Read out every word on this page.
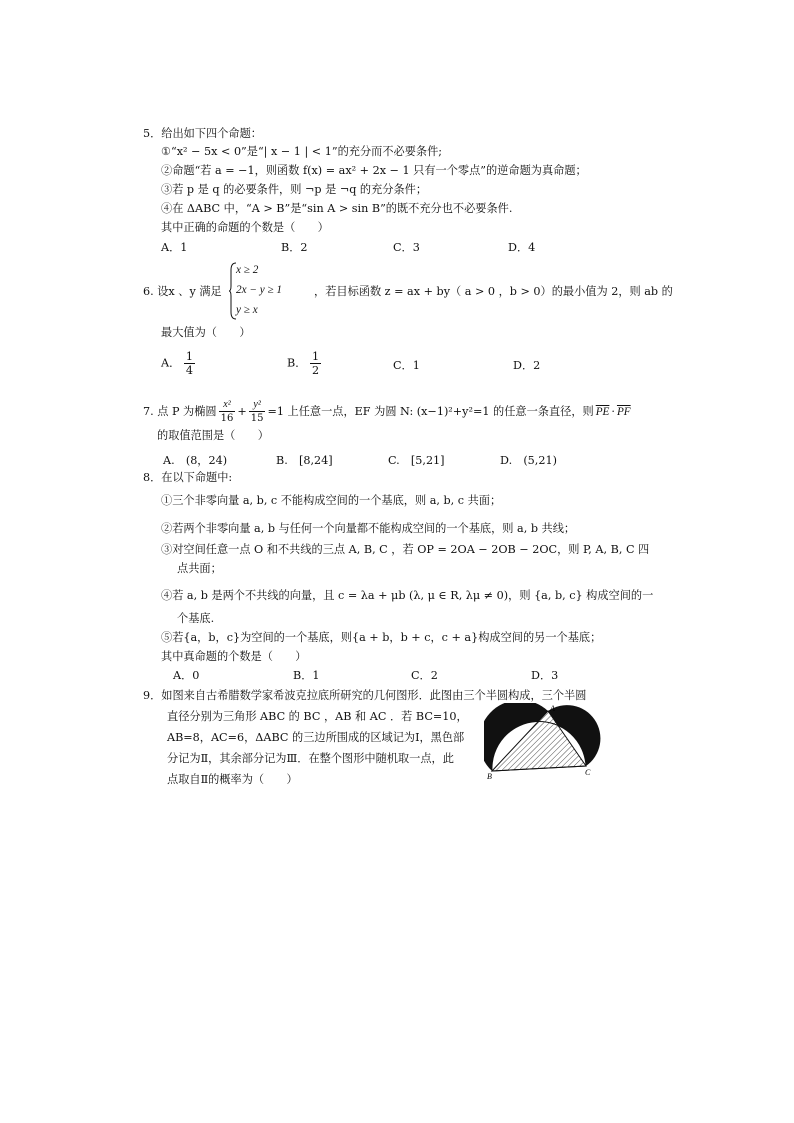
5．给出如下四个命题：
①“x² − 5x < 0”是“| x − 1 | < 1”的充分而不必要条件;
②命题“若 a = −1，则函数 f(x) = ax² + 2x − 1 只有一个零点”的逆命题为真命题；
③若 p 是 q 的必要条件，则 ¬p 是 ¬q 的充分条件；
④在 ΔABC 中，“A > B”是“sin A > sin B”的既不充分也不必要条件.
其中正确的命题的个数是（　　）
A．1	B．2	C．3	D．4
6. 设x 、y 满足
x ≥ 2
2x − y ≥ 1
y ≥ x
，若目标函数 z = ax + by（ a > 0 ，b > 0）的最小值为 2，则 ab 的
最大值为（　　）
A． $\frac{1}{4}$	B． $\frac{1}{2}$	C．1	D．2
7. 点 P 为椭圆 $\frac{\text{x²}}{16} + \frac{\text{y²}}{15} =1$ 上任意一点，EF 为圆 N: (x−1)²+y²=1 的任意一条直径，则 $\overline{PE} \cdot \overline{PF}$
的取值范围是（　　）
A.　(8，24)	B.　[8,24]	C.　[5,21]	D.　(5,21)
8．在以下命题中:
①三个非零向量 a, b, c 不能构成空间的一个基底，则 a, b, c 共面；
②若两个非零向量 a, b 与任何一个向量都不能构成空间的一个基底，则 a, b 共线；
③对空间任意一点 O 和不共线的三点 A, B, C ，若 OP = 2OA − 2OB − 2OC，则 P, A, B, C 四
点共面；
④若 a, b 是两个不共线的向量，且 c = λa + μb (λ, μ ∈ R, λμ ≠ 0)，则 {a, b, c} 构成空间的一
个基底.
⑤若{a，b，c}为空间的一个基底，则{a + b，b + c，c + a}构成空间的另一个基底；
其中真命题的个数是（　　）
A．0	B．1	C．2	D．3
9．如图来自古希腊数学家希波克拉底所研究的几何图形．此图由三个半圆构成，三个半圆
直径分别为三角形 ABC 的 BC ，AB 和 AC ．若 BC=10，
AB=8，AC=6，ΔABC 的三边所围成的区域记为Ⅰ，黑色部
分记为Ⅱ，其余部分记为Ⅲ．在整个图形中随机取一点，此
点取自Ⅱ的概率为（　　）
A
B	C
